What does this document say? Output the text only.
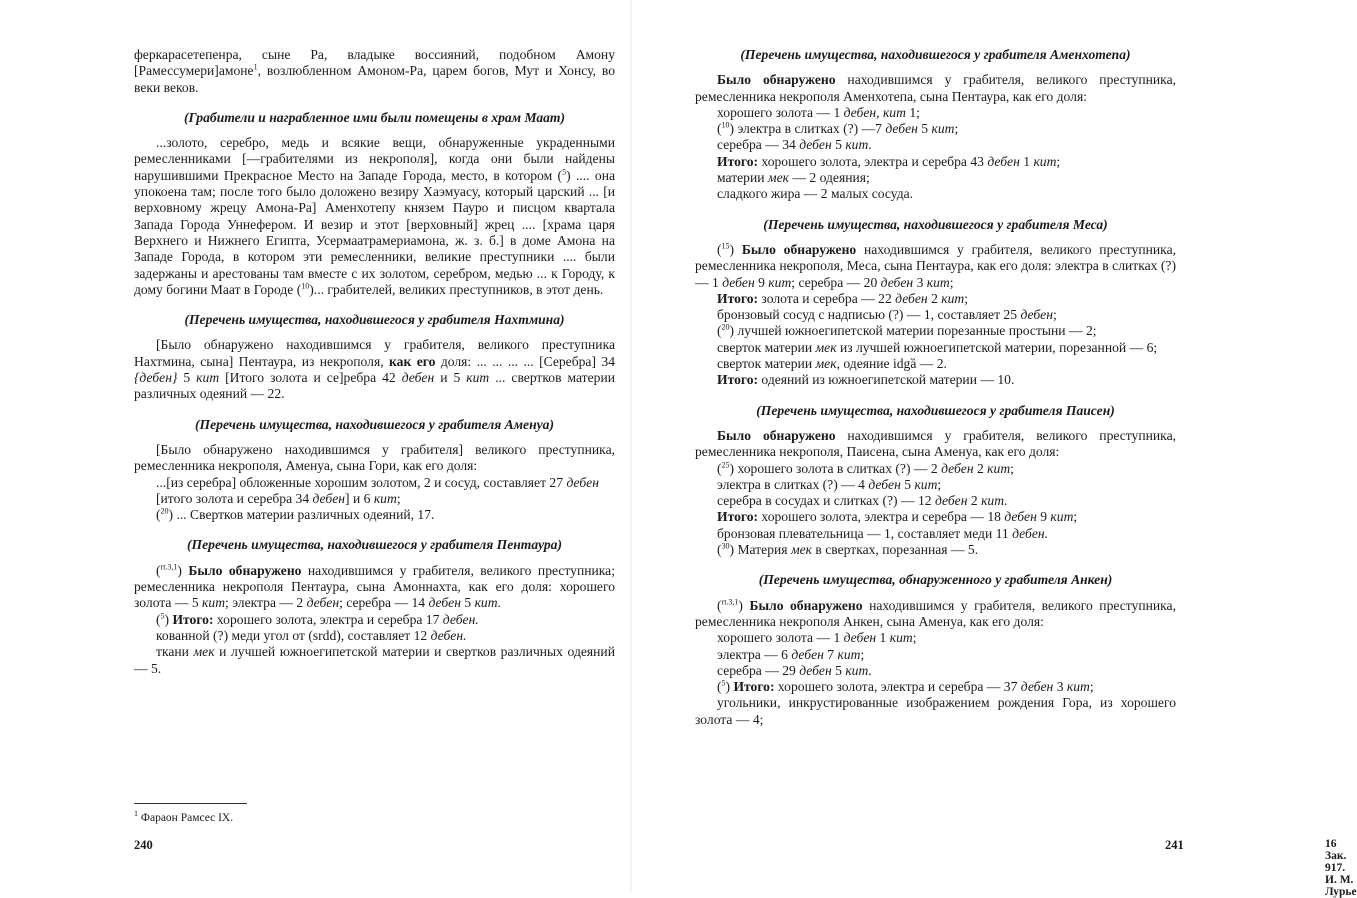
феркарасетепенра, сыне Ра, владыке воссияний, подобном Амону [Рамессумери]амоне$^1$, возлюбленном Амоном-Ра, царем богов, Мут и Хонсу, во веки веков.

(Грабители и награбленное ими были помещены в храм Маат)

...золото, серебро, медь и всякие вещи, обнаруженные украденными ремесленниками [—грабителями из некрополя], когда они были найдены нарушившими Прекрасное Место на Западе Города, место, в котором ($^5$) .... она упокоена там; после того было доложено везиру Хаэмуасу, который царский ... [и верховному жрецу Амона-Ра] Аменхотепу князем Пауро и писцом квартала Запада Города Уннефером. И везир и этот [верховный] жрец .... [храма царя Верхнего и Нижнего Египта, Усермаатрамериамона, ж. з. б.] в доме Амона на Западе Города, в котором эти ремесленники, великие преступники .... были задержаны и арестованы там вместе с их золотом, серебром, медью ... к Городу, к дому богини Маат в Городе ($^{10}$)... грабителей, великих преступников, в этот день.

(Перечень имущества, находившегося у грабителя Нахтмина)

[Было обнаружено находившимся у грабителя, великого преступника Нахтмина, сына] Пентаура, из некрополя, как его доля: ... ... ... ... [Серебра] 34 {дебен} 5 кит [Итого золота и се]ребра 42 дебен и 5 кит ... свертков материи различных одеяний — 22.

(Перечень имущества, находившегося у грабителя Аменуа)

[Было обнаружено находившимся у грабителя] великого преступника, ремесленника некрополя, Аменуа, сына Гори, как его доля:

...[из серебра] обложенные хорошим золотом, 2 и сосуд, составляет 27 дебен

[итого золота и серебра 34 дебен] и 6 кит;

($^{20}$) ... Свертков материи различных одеяний, 17.

(Перечень имущества, находившегося у грабителя Пентаура)

($^{rt.3,1}$) Было обнаружено находившимся у грабителя, великого преступника; ремесленника некрополя Пентаура, сына Амоннахта, как его доля: хорошего золота — 5 кит; электра — 2 дебен; серебра — 14 дебен 5 кит.

($^5$) Итого: хорошего золота, электра и серебра 17 дебен.

кованной (?) меди угол от (srdd), составляет 12 дебен.

ткани мек и лучшей южноегипетской материи и свертков различных одеяний — 5.

$^1$ Фараон Рамсес IX.
240

(Перечень имущества, находившегося у грабителя Аменхотепа)

Было обнаружено находившимся у грабителя, великого преступника, ремесленника некрополя Аменхотепа, сына Пентаура, как его доля:

хорошего золота — 1 дебен, кит 1;

($^{10}$) электра в слитках (?) —7 дебен 5 кит;

серебра — 34 дебен 5 кит.

Итого: хорошего золота, электра и серебра 43 дебен 1 кит;

материи мек — 2 одеяния;

сладкого жира — 2 малых сосуда.

(Перечень имущества, находившегося у грабителя Меса)

($^{15}$) Было обнаружено находившимся у грабителя, великого преступника, ремесленника некрополя, Меса, сына Пентаура, как его доля: электра в слитках (?) — 1 дебен 9 кит; серебра — 20 дебен 3 кит;

Итого: золота и серебра — 22 дебен 2 кит;

бронзовый сосуд с надписью (?) — 1, составляет 25 дебен;

($^{20}$) лучшей южноегипетской материи порезанные простыни — 2;

сверток материи мек из лучшей южноегипетской материи, порезанной — 6;

сверток материи мек, одеяние idgȁ — 2.

Итого: одеяний из южноегипетской материи — 10.

(Перечень имущества, находившегося у грабителя Паисен)

Было обнаружено находившимся у грабителя, великого преступника, ремесленника некрополя, Паисена, сына Аменуа, как его доля:

($^{25}$) хорошего золота в слитках (?) — 2 дебен 2 кит;

электра в слитках (?) — 4 дебен 5 кит;

серебра в сосудах и слитках (?) — 12 дебен 2 кит.

Итого: хорошего золота, электра и серебра — 18 дебен 9 кит;

бронзовая плевательница — 1, составляет меди 11 дебен.

($^{30}$) Материя мек в свертках, порезанная — 5.

(Перечень имущества, обнаруженного у грабителя Анкен)

($^{rt.3,1}$) Было обнаружено находившимся у грабителя, великого преступника, ремесленника некрополя Анкен, сына Аменуа, как его доля:

хорошего золота — 1 дебен 1 кит;

электра — 6 дебен 7 кит;

серебра — 29 дебен 5 кит.

($^5$) Итого: хорошего золота, электра и серебра — 37 дебен 3 кит;

угольники, инкрустированные изображением рождения Гора, из хорошего золота — 4;

16 Зак. 917. И. М. Лурье
241
